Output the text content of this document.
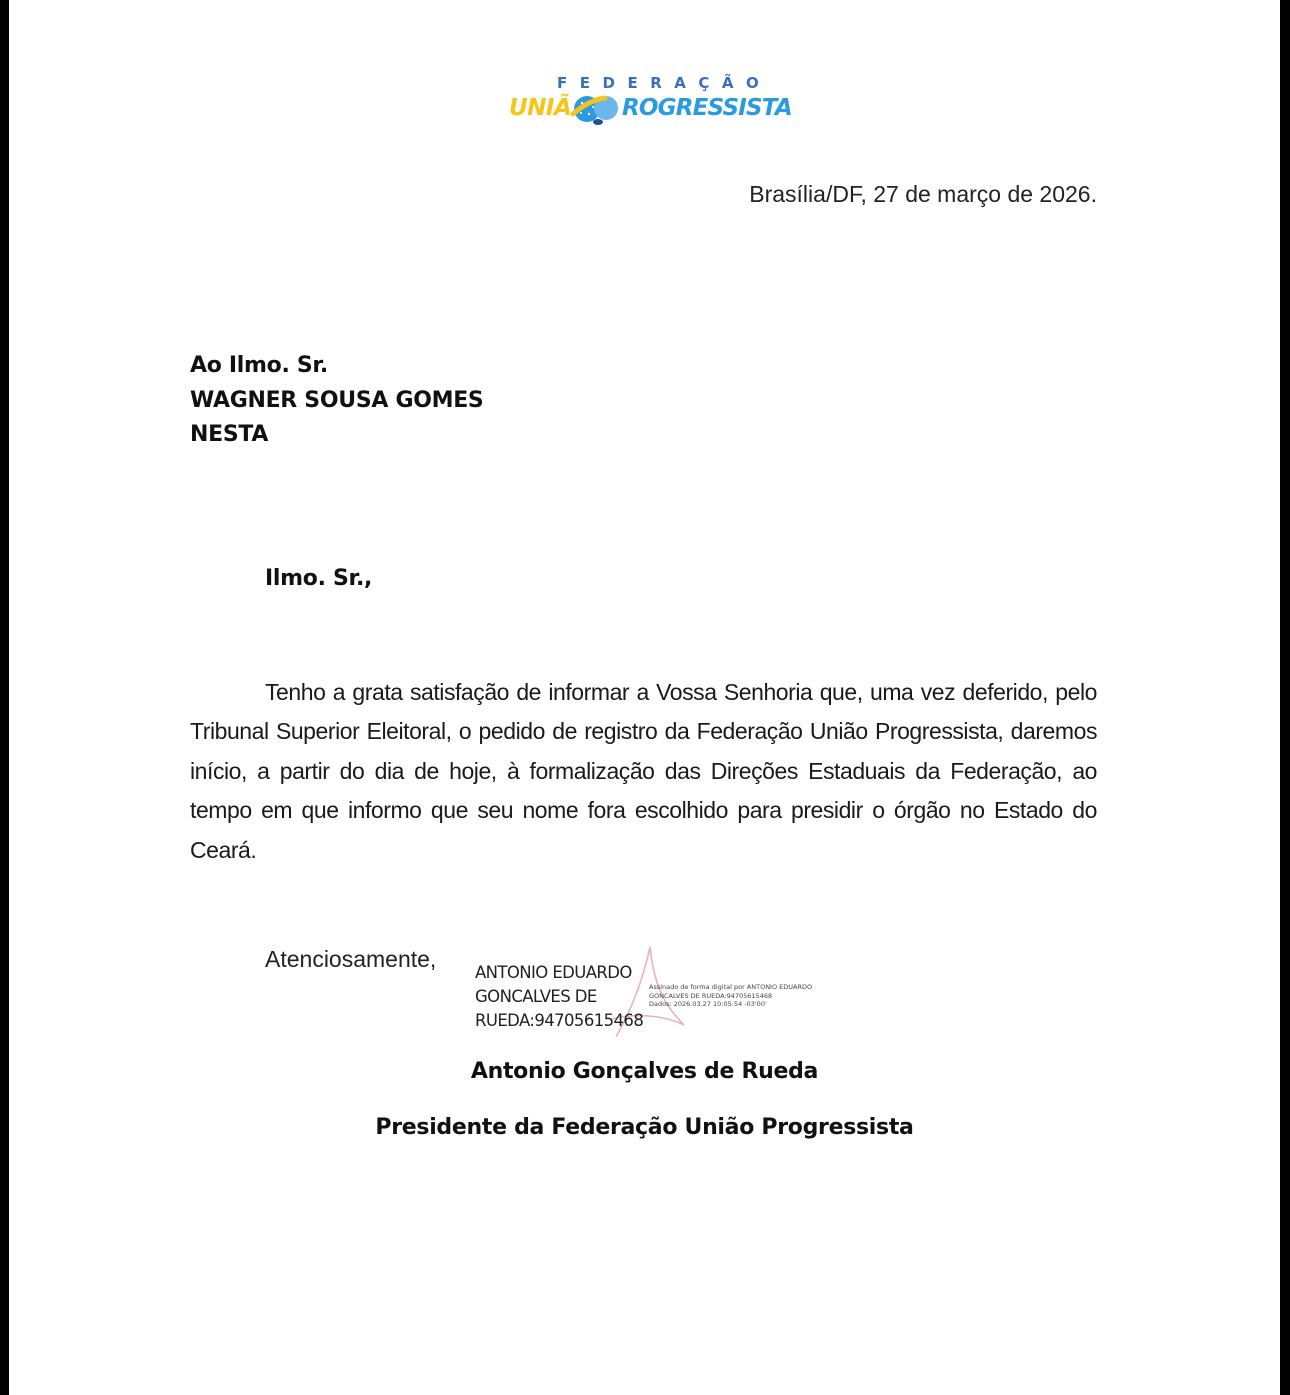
FEDERAÇÃO
UNIÃ ROGRESSISTA
Brasília/DF, 27 de março de 2026.
Ao Ilmo. Sr.
WAGNER SOUSA GOMES
NESTA
Ilmo. Sr.,
Tenho a grata satisfação de informar a Vossa Senhoria que, uma vez deferido, pelo Tribunal Superior Eleitoral, o pedido de registro da Federação União Progressista, daremos início, a partir do dia de hoje, à formalização das Direções Estaduais da Federação, ao tempo em que informo que seu nome fora escolhido para presidir o órgão no Estado do Ceará.
Atenciosamente,
ANTONIO EDUARDO
GONCALVES DE
RUEDA:94705615468
Assinado de forma digital por ANTONIO EDUARDO
GONCALVES DE RUEDA:94705615468
Dados: 2026.03.27 10:05:54 -03'00'
Antonio Gonçalves de Rueda
Presidente da Federação União Progressista
